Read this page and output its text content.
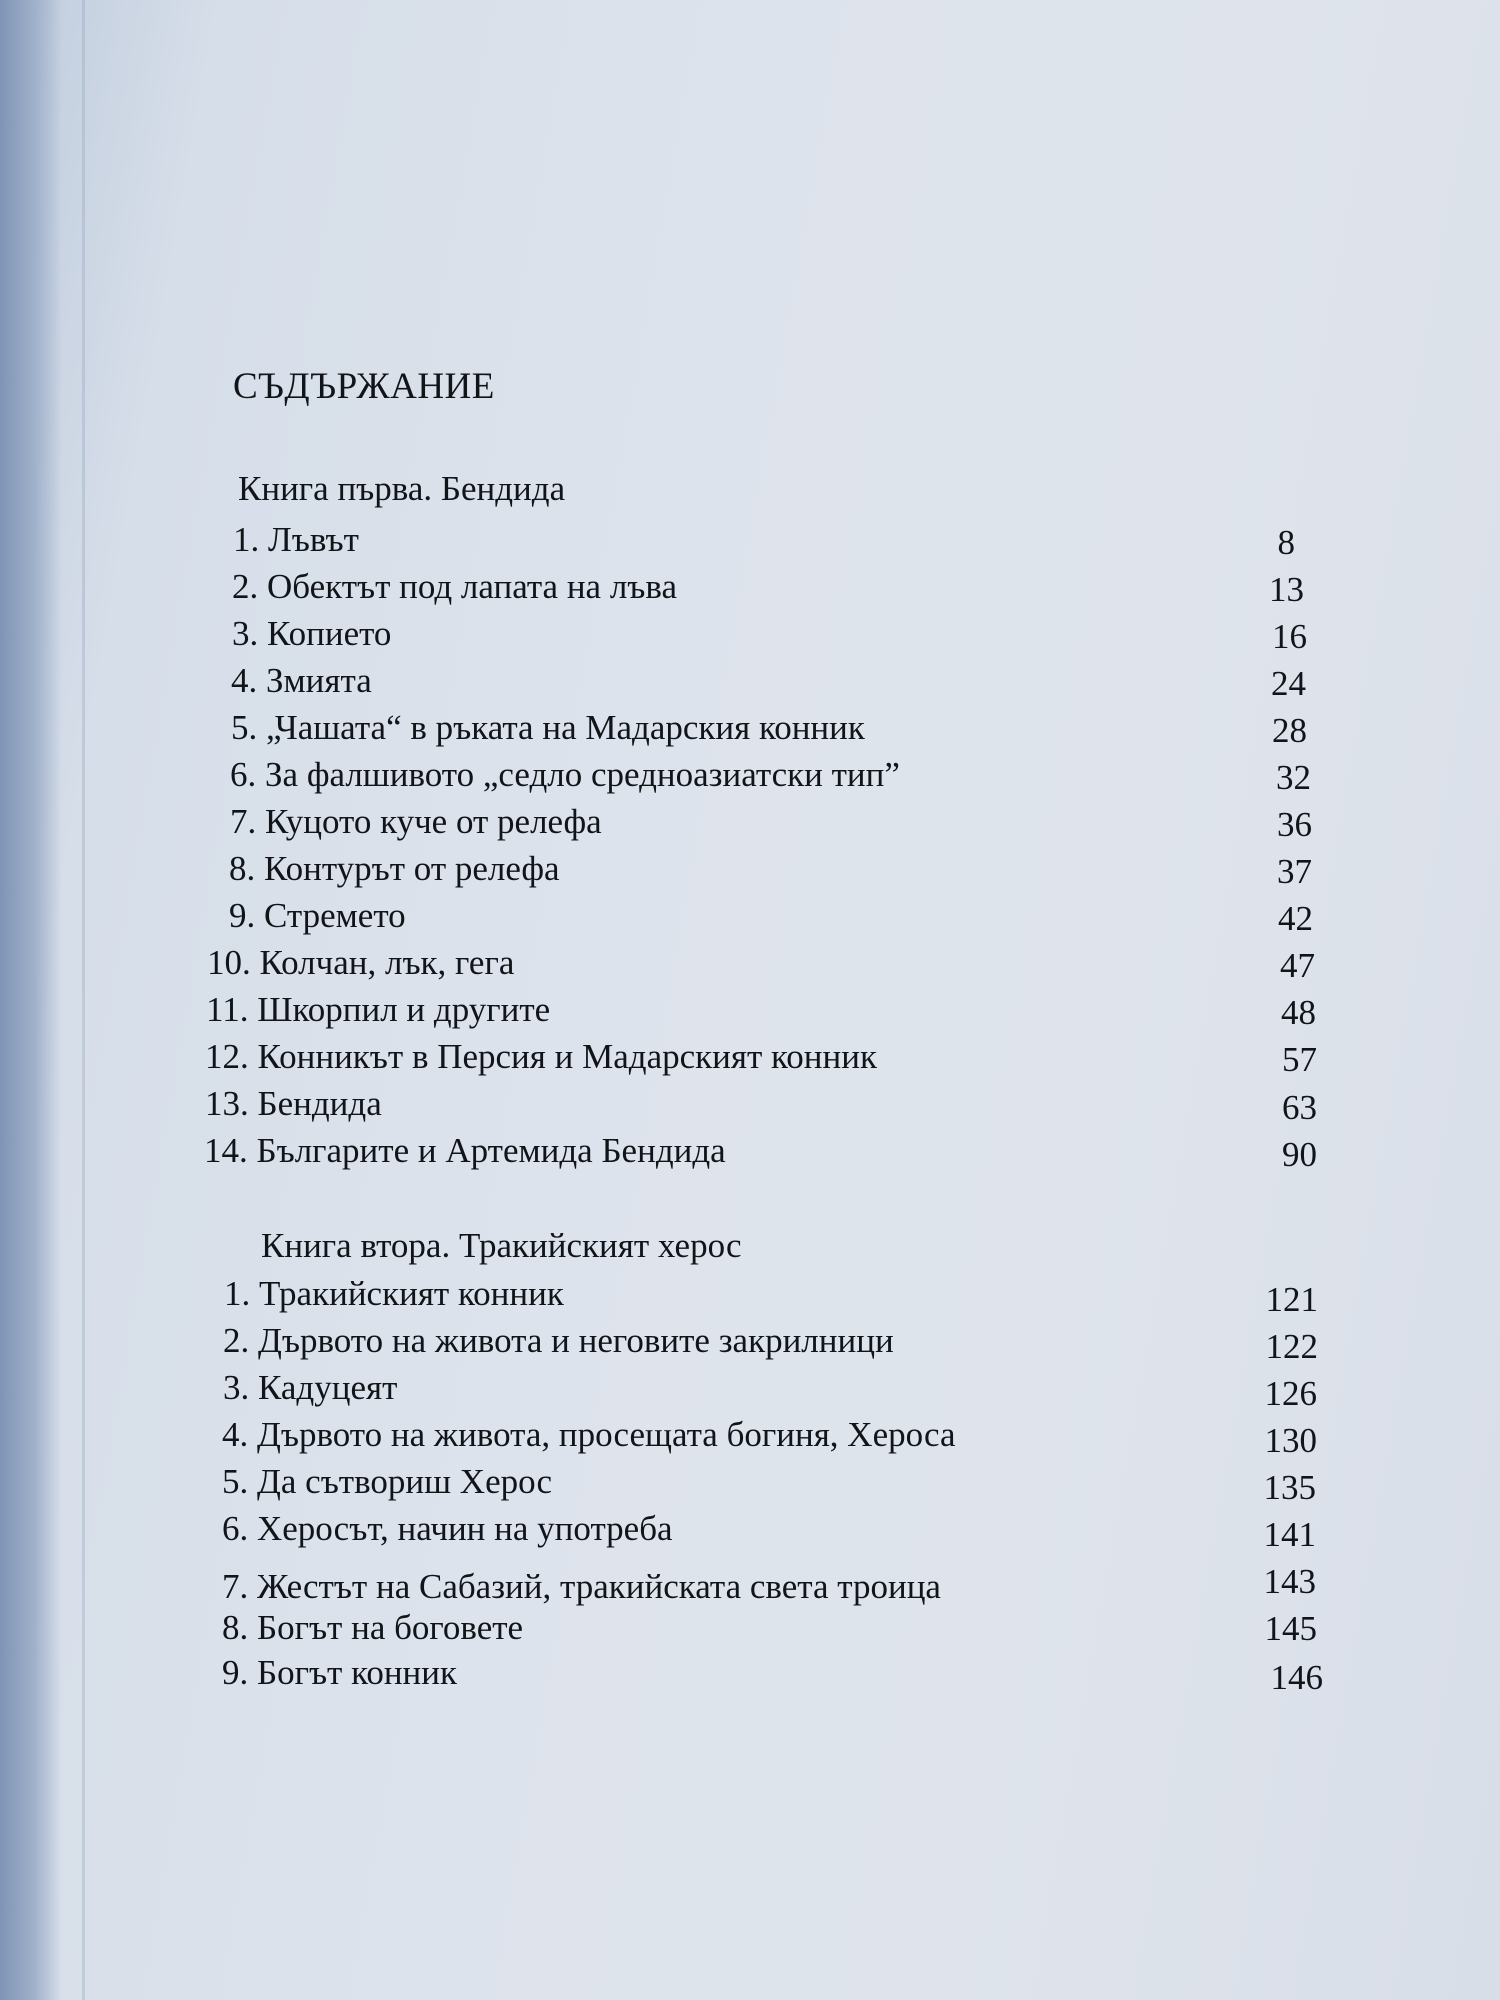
СЪДЪРЖАНИЕ
Книга първа. Бендида
1. Лъвът	8
2. Обектът под лапата на лъва	13
3. Копието	16
4. Змията	24
5. „Чашата“ в ръката на Мадарския конник	28
6. За фалшивото „седло средноазиатски тип”	32
7. Куцото куче от релефа	36
8. Контурът от релефа	37
9. Стремето	42
10. Колчан, лък, гега	47
11. Шкорпил и другите	48
12. Конникът в Персия и Мадарският конник	57
13. Бендида	63
14. Българите и Артемида Бендида	90
Книга втора. Тракийският херос
1. Тракийският конник	121
2. Дървото на живота и неговите закрилници	122
3. Кадуцеят	126
4. Дървото на живота, просещата богиня, Хероса	130
5. Да сътвориш Херос	135
6. Херосът, начин на употреба	141
7. Жестът на Сабазий, тракийската света троица	143
8. Богът на боговете	145
9. Богът конник	146
